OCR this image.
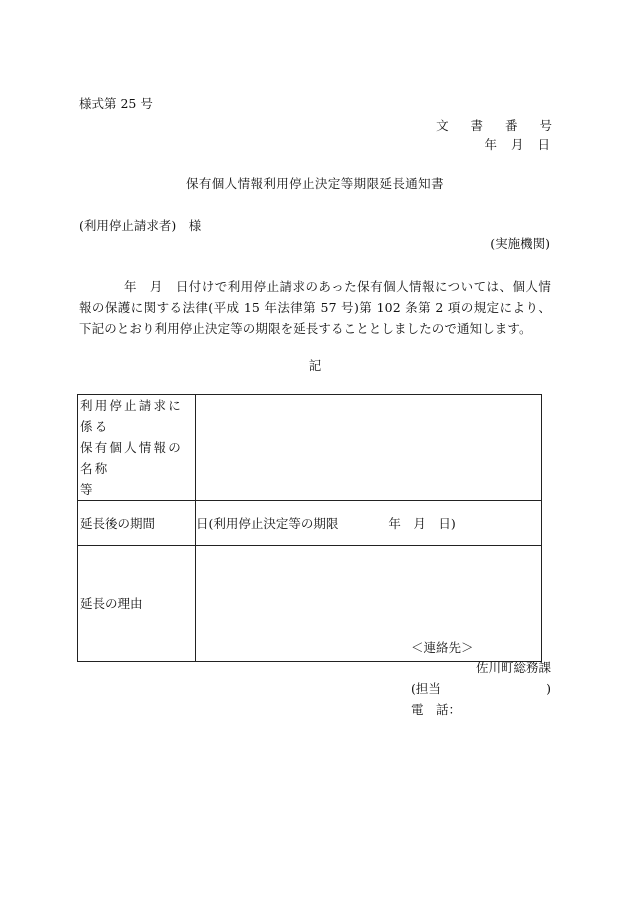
様式第 25 号
文 書 番 号
年 月 日
保有個人情報利用停止決定等期限延長通知書
(利用停止請求者)　様
(実施機関)
年　月　日付けで利用停止請求のあった保有個人情報については、個人情報の保護に関する法律(平成 15 年法律第 57 号)第 102 条第 2 項の規定により、下記のとおり利用停止決定等の期限を延長することとしましたので通知します。
記
利用停止請求に係る
保有個人情報の名称
等	

延長後の期間	日(利用停止決定等の期限　　　　年　月　日)
延長の理由	
＜連絡先＞
佐川町総務課
(担当	)
電　話：
